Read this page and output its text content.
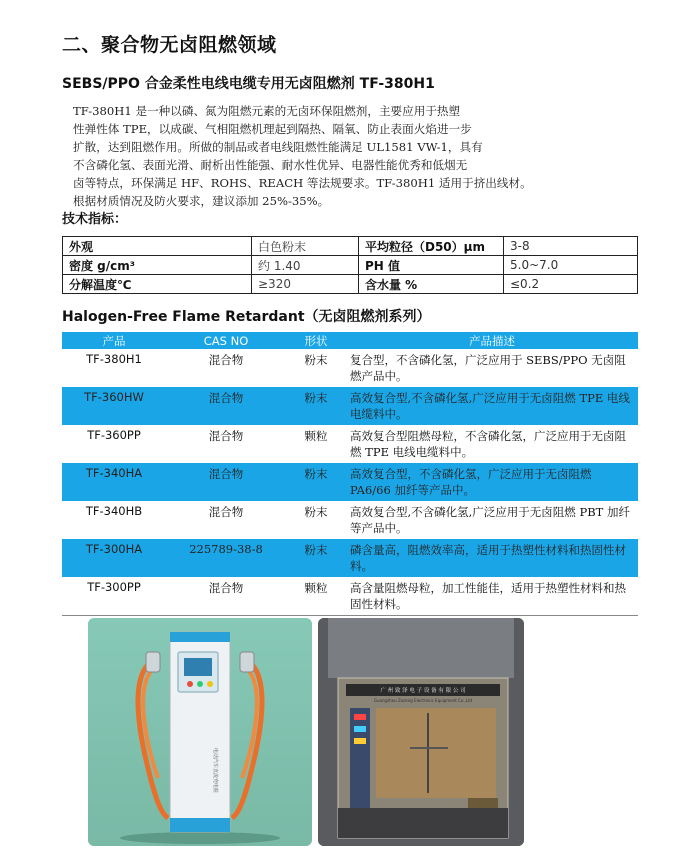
二、聚合物无卤阻燃领域
SEBS/PPO 合金柔性电线电缆专用无卤阻燃剂 TF-380H1
TF-380H1 是一种以磷、氮为阻燃元素的无卤环保阻燃剂，主要应用于热塑
性弹性体 TPE，以成碳、气相阻燃机理起到隔热、隔氧、防止表面火焰进一步
扩散，达到阻燃作用。所做的制品或者电线阻燃性能满足 UL1581 VW-1，具有
不含磷化氢、表面光滑、耐析出性能强、耐水性优异、电器性能优秀和低烟无
卤等特点，环保满足 HF、ROHS、REACH 等法规要求。TF-380H1 适用于挤出线材。
根据材质情况及防火要求，建议添加 25%-35%。
技术指标：
外观	白色粉末	平均粒径（D50）μm	3-8
密度 g/cm³	约 1.40	PH 值	5.0~7.0
分解温度℃	≥320	含水量 %	≤0.2
Halogen-Free Flame Retardant（无卤阻燃剂系列）
产品	CAS NO	形状	产品描述
TF-380H1	混合物	粉末	复合型，不含磷化氢，广泛应用于 SEBS/PPO 无卤阻燃产品中。
TF-360HW	混合物	粉末	高效复合型,不含磷化氢,广泛应用于无卤阻燃 TPE 电线电缆料中。
TF-360PP	混合物	颗粒	高效复合型阻燃母粒，不含磷化氢，广泛应用于无卤阻燃 TPE 电线电缆料中。
TF-340HA	混合物	粉末	高效复合型，不含磷化氢，广泛应用于无卤阻燃 PA6/66 加纤等产品中。
TF-340HB	混合物	粉末	高效复合型,不含磷化氢,广泛应用于无卤阻燃 PBT 加纤等产品中。
TF-300HA	225789-38-8	粉末	磷含量高，阻燃效率高，适用于热塑性材料和热固性材料。
TF-300PP	混合物	颗粒	高含量阻燃母粒，加工性能佳，适用于热塑性材料和热固性材料。
电动汽车直流充电桩
广 州 致 泽 电 子 设 备 有 限 公 司
Guangzhou Zezeng Electronic Equipment Co.,Ltd
